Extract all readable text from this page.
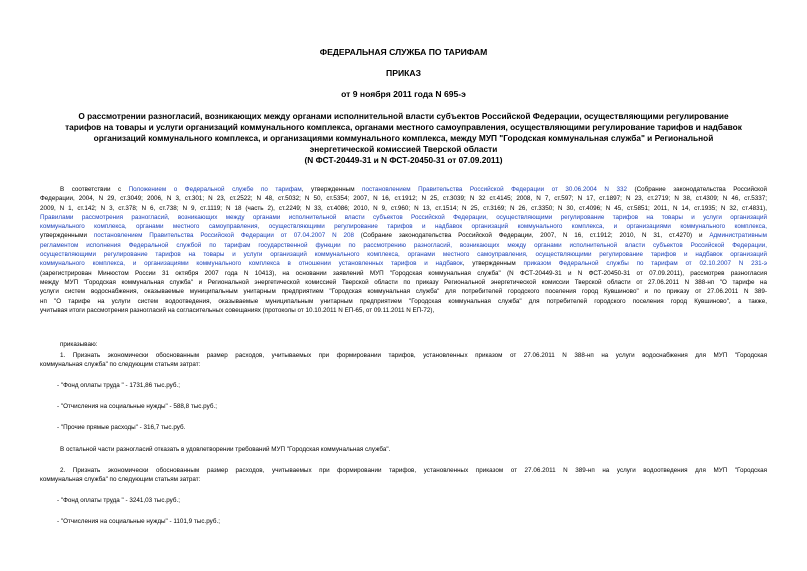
ФЕДЕРАЛЬНАЯ СЛУЖБА ПО ТАРИФАМ
ПРИКАЗ
от 9 ноября 2011 года N 695-э
О рассмотрении разногласий, возникающих между органами исполнительной власти субъектов Российской Федерации, осуществляющими регулирование
тарифов на товары и услуги организаций коммунального комплекса, органами местного самоуправления, осуществляющими регулирование тарифов и надбавок
организаций коммунального комплекса, и организациями коммунального комплекса, между МУП "Городская коммунальная служба" и Региональной
энергетической комиссией Тверской области
(N ФСТ-20449-31 и N ФСТ-20450-31 от 07.09.2011)
В соответствии с Положением о Федеральной службе по тарифам, утвержденным постановлением Правительства Российской Федерации от 30.06.2004 N 332 (Собрание законодательства Российской
Федерации, 2004, N 29, ст.3049; 2006, N 3, ст.301; N 23, ст.2522; N 48, ст.5032; N 50, ст.5354; 2007, N 16, ст.1912; N 25, ст.3039; N 32 ст.4145; 2008, N 7, ст.597; N 17, ст.1897; N 23, ст.2719; N 38, ст.4309; N 46, ст.5337;
2009, N 1, ст.142; N 3, ст.378; N 6, ст.738; N 9, ст.1119; N 18 (часть 2), ст.2249; N 33, ст.4086; 2010, N 9, ст.960; N 13, ст.1514; N 25, ст.3169; N 26, ст.3350; N 30, ст.4096; N 45, ст.5851; 2011, N 14, ст.1935; N 32, ст.4831),
Правилами рассмотрения разногласий, возникающих между органами исполнительной власти субъектов Российской Федерации, осуществляющими регулирование тарифов на товары и услуги организаций
коммунального комплекса, органами местного самоуправления, осуществляющими регулирование тарифов и надбавок организаций коммунального комплекса, и организациями коммунального комплекса,
утвержденными постановлением Правительства Российской Федерации от 07.04.2007 N 208 (Собрание законодательства Российской Федерации, 2007, N 16, ст.1912; 2010, N 31, ст.4270) и Административным
регламентом исполнения Федеральной службой по тарифам государственной функции по рассмотрению разногласий, возникающих между органами исполнительной власти субъектов Российской Федерации,
осуществляющими регулирование тарифов на товары и услуги организаций коммунального комплекса, органами местного самоуправления, осуществляющими регулирование тарифов и надбавок организаций
коммунального комплекса, и организациями коммунального комплекса в отношении установленных тарифов и надбавок, утвержденным приказом Федеральной службы по тарифам от 02.10.2007 N 231-э
(зарегистрирован Минюстом России 31 октября 2007 года N 10413), на основании заявлений МУП "Городская коммунальная служба" (N ФСТ-20449-31 и N ФСТ-20450-31 от 07.09.2011), рассмотрев разногласия
между МУП "Городская коммунальная служба" и Региональной энергетической комиссией Тверской области по приказу Региональной энергетической комиссии Тверской области от 27.06.2011 N 388-нп "О тарифе на
услуги систем водоснабжения, оказываемые муниципальным унитарным предприятием "Городская коммунальная служба" для потребителей городского поселения город Кувшиново" и по приказу от 27.06.2011 N 389-
нп "О тарифе на услуги систем водоотведения, оказываемые муниципальным унитарным предприятием "Городская коммунальная служба" для потребителей городского поселения город Кувшиново", а также,
учитывая итоги рассмотрения разногласий на согласительных совещаниях (протоколы от 10.10.2011 N ЕП-65, от 09.11.2011 N ЕП-72),
приказываю:
1. Признать экономически обоснованным размер расходов, учитываемых при формировании тарифов, установленных приказом от 27.06.2011 N 388-нп на услуги водоснабжения для МУП "Городская
коммунальная служба" по следующим статьям затрат:
- "Фонд оплаты труда " - 1731,86 тыс.руб.;
- "Отчисления на социальные нужды" - 588,8 тыс.руб.;
- "Прочие прямые расходы" - 316,7 тыс.руб.
В остальной части разногласий отказать в удовлетворении требований МУП "Городская коммунальная служба".
2. Признать экономически обоснованным размер расходов, учитываемых при формировании тарифов, установленных приказом от 27.06.2011 N 389-нп на услуги водоотведения для МУП "Городская
коммунальная служба" по следующим статьям затрат:
- "Фонд оплаты труда " - 3241,03 тыс.руб.;
- "Отчисления на социальные нужды" - 1101,9 тыс.руб.;
